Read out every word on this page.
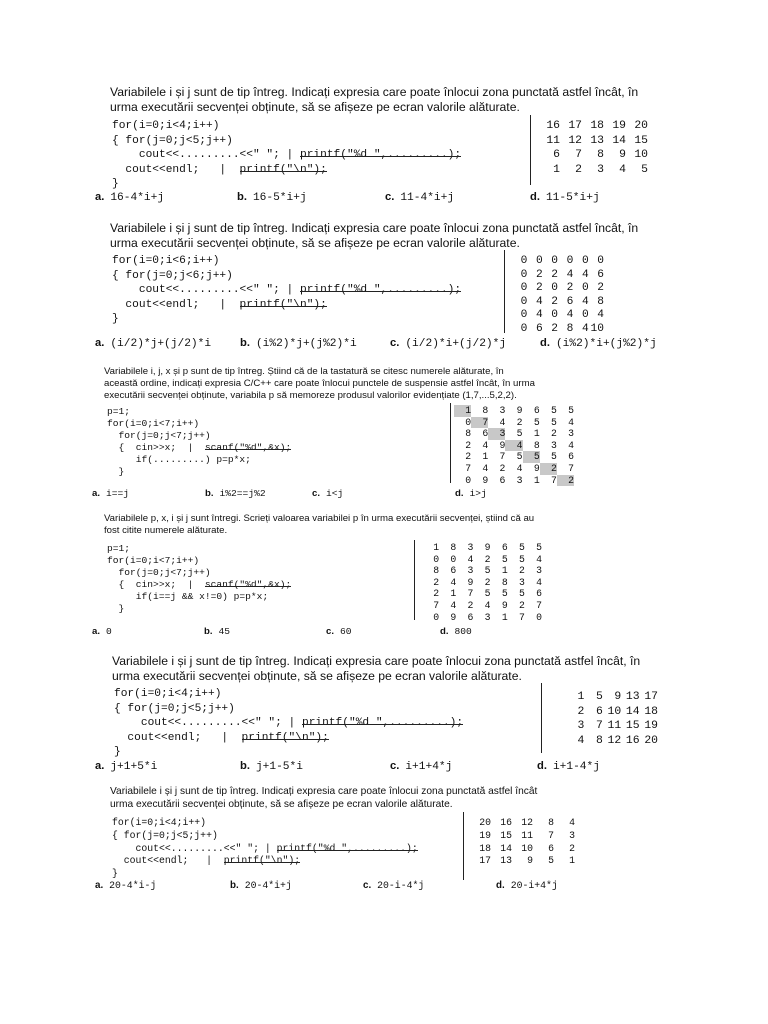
Variabilele i și j sunt de tip întreg. Indicați expresia care poate înlocui zona punctată astfel încât, în
urma executării secvenței obținute, să se afișeze pe ecran valorile alăturate.
for(i=0;i<4;i++)
{ for(j=0;j<5;j++)
cout<<.........<<" "; | printf("%d ",.........);
cout<<endl;   |  printf("\n");
}
16 17 18 19 20
11 12 13 14 15
6	7	8	9 10
1	2	3	4	5
a. 16-4*i+j	b. 16-5*i+j	c. 11-4*i+j	d. 11-5*i+j
Variabilele i și j sunt de tip întreg. Indicați expresia care poate înlocui zona punctată astfel încât, în
urma executării secvenței obținute, să se afișeze pe ecran valorile alăturate.
for(i=0;i<6;i++)
{ for(j=0;j<6;j++)
cout<<.........<<" "; | printf("%d ",.........);
cout<<endl;   |  printf("\n");
}
0 0 0 0 0 0
0 2 2 4 4 6
0 2 0 2 0 2
0 4 2 6 4 8
0 4 0 4 0 4
0 6 2 8 4 10
a. (i/2)*j+(j/2)*i	b. (i%2)*j+(j%2)*i	c. (i/2)*i+(j/2)*j	d. (i%2)*i+(j%2)*j
Variabilele i, j, x și p sunt de tip întreg. Știind că de la tastatură se citesc numerele alăturate, în
această ordine, indicați expresia C/C++ care poate înlocui punctele de suspensie astfel încât, în urma
executării secvenței obținute, variabila p să memoreze produsul valorilor evidențiate (1,7,...5,2,2).
p=1;
for(i=0;i<7;i++)
for(j=0;j<7;j++)
{  cin>>x;  |  scanf("%d",&x);
if(.........) p=p*x;
}
1	8	3	9	6	5	5
0	7	4	2	5	5	4
8	6	3	5	1	2	3
2	4	9	4	8	3	4
2	1	7	5	5	5	6
7	4	2	4	9	2	7
0	9	6	3	1	7	2
a. i==j	b. i%2==j%2	c. i<j	d. i>j
Variabilele p, x, i și j sunt întregi. Scrieți valoarea variabilei p în urma executării secvenței, știind că au
fost citite numerele alăturate.
p=1;
for(i=0;i<7;i++)
for(j=0;j<7;j++)
{  cin>>x;  |  scanf("%d",&x);
if(i==j && x!=0) p=p*x;
}
1	8	3	9	6	5	5
0	0	4	2	5	5	4
8	6	3	5	1	2	3
2	4	9	2	8	3	4
2	1	7	5	5	5	6
7	4	2	4	9	2	7
0	9	6	3	1	7	0
a. 0	b. 45	c. 60	d. 800
Variabilele i și j sunt de tip întreg. Indicați expresia care poate înlocui zona punctată astfel încât, în
urma executării secvenței obținute, să se afișeze pe ecran valorile alăturate.
for(i=0;i<4;i++)
{ for(j=0;j<5;j++)
cout<<.........<<" "; | printf("%d ",.........);
cout<<endl;   |  printf("\n");
}
1	5	9 13 17
2	6 10 14 18
3	7 11 15 19
4	8 12 16 20
a. j+1+5*i	b. j+1-5*i	c. i+1+4*j	d. i+1-4*j
Variabilele i și j sunt de tip întreg. Indicați expresia care poate înlocui zona punctată astfel încât
urma executării secvenței obținute, să se afișeze pe ecran valorile alăturate.
for(i=0;i<4;i++)
{ for(j=0;j<5;j++)
cout<<.........<<" "; | printf("%d ",.........);
cout<<endl;   |  printf("\n");
}
20 16 12	8	4
19 15 11	7	3
18 14 10	6	2
17 13	9	5	1
a. 20-4*i-j	b. 20-4*i+j	c. 20-i-4*j	d. 20-i+4*j
